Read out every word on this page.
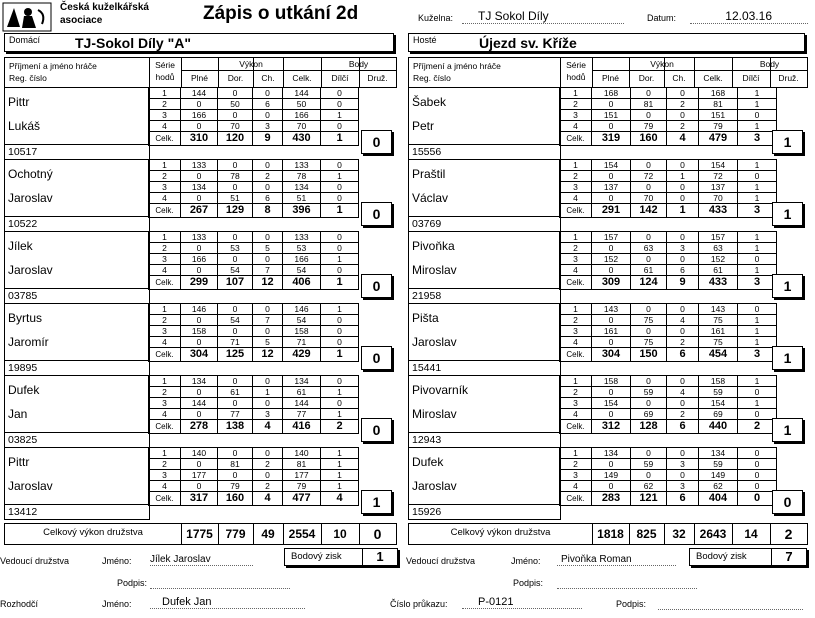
Česká kuželkářská
asociace	Zápis o utkání 2d	Kuželna:	TJ Sokol Díly	Datum:	12.03.16
Domácí TJ-Sokol Díly "A"
Příjmení a jméno hráče
Reg. číslo
Série
hodů
Výkon	Body
Plné	Dor.	Ch.	Celk.	Dílčí	Druž.
Pittr
Lukáš
10517
1	144	0	0	144	0
2	0	50	6	50	0
3	166	0	0	166	1
4	0	70	3	70	0
Celk.	310	120	9	430	1	0
Ochotný
Jaroslav
10522
1	133	0	0	133	0
2	0	78	2	78	1
3	134	0	0	134	0
4	0	51	6	51	0
Celk.	267	129	8	396	1	0
Jílek
Jaroslav
03785
1	133	0	0	133	0
2	0	53	5	53	0
3	166	0	0	166	1
4	0	54	7	54	0
Celk.	299	107	12	406	1	0
Byrtus
Jaromír
19895
1	146	0	0	146	1
2	0	54	7	54	0
3	158	0	0	158	0
4	0	71	5	71	0
Celk.	304	125	12	429	1	0
Dufek
Jan
03825
1	134	0	0	134	0
2	0	61	1	61	1
3	144	0	0	144	0
4	0	77	3	77	1
Celk.	278	138	4	416	2	0
Pittr
Jaroslav
13412
1	140	0	0	140	1
2	0	81	2	81	1
3	177	0	0	177	1
4	0	79	2	79	1
Celk.	317	160	4	477	4	1
Celkový výkon družstva	1775	779	49	2554	10	0
Bodový zisk	1
Hosté	Újezd sv. Kříže
Příjmení a jméno hráče
Reg. číslo
Série
hodů
Výkon	Body
Plné	Dor.	Ch.	Celk.	Dílčí	Druž.
Šabek
Petr
15556
1	168	0	0	168	1
2	0	81	2	81	1
3	151	0	0	151	0
4	0	79	2	79	1
Celk.	319	160	4	479	3	1
Praštil
Václav
03769
1	154	0	0	154	1
2	0	72	1	72	0
3	137	0	0	137	1
4	0	70	0	70	1
Celk.	291	142	1	433	3	1
Pivoňka
Miroslav
21958
1	157	0	0	157	1
2	0	63	3	63	1
3	152	0	0	152	0
4	0	61	6	61	1
Celk.	309	124	9	433	3	1
Pišta
Jaroslav
15441
1	143	0	0	143	0
2	0	75	4	75	1
3	161	0	0	161	1
4	0	75	2	75	1
Celk.	304	150	6	454	3	1
Pivovarník
Miroslav
12943
1	158	0	0	158	1
2	0	59	4	59	0
3	154	0	0	154	1
4	0	69	2	69	0
Celk.	312	128	6	440	2	1
Dufek
Jaroslav
15926
1	134	0	0	134	0
2	0	59	3	59	0
3	149	0	0	149	0
4	0	62	3	62	0
Celk.	283	121	6	404	0	0
Celkový výkon družstva	1818	825	32	2643	14	2
Bodový zisk	7
Vedoucí družstva	Jméno: Jílek Jaroslav
Podpis:
Vedoucí družstva	Jméno:	Pivoňka Roman
Podpis:
Rozhodčí	Jméno:	Dufek Jan	Číslo průkazu:	P-0121	Podpis:
